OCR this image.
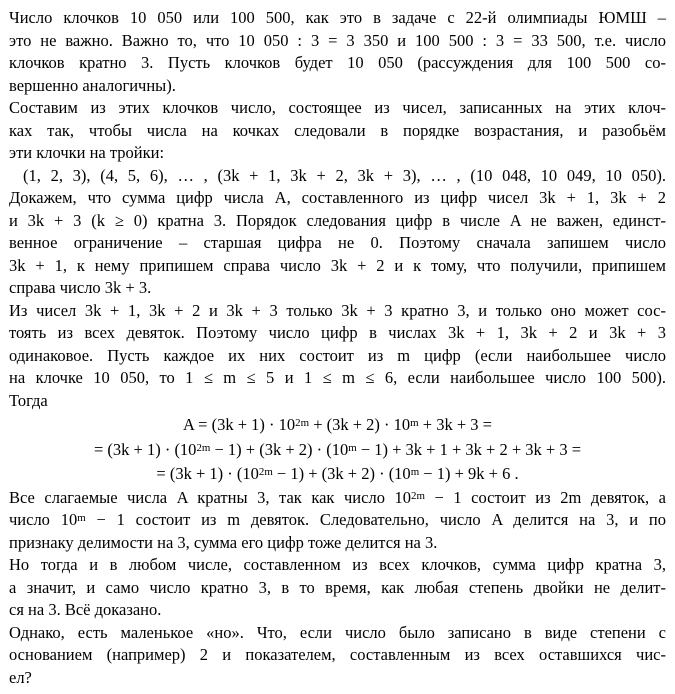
Число клочков 10 050 или 100 500, как это в задаче с 22-й олимпиады ЮМШ –
это не важно. Важно то, что 10 050 : 3 = 3 350 и 100 500 : 3 = 33 500, т.е. число
клочков кратно 3. Пусть клочков будет 10 050 (рассуждения для 100 500 со-
вершенно аналогичны).
Составим из этих клочков число, состоящее из чисел, записанных на этих клоч-
ках так, чтобы числа на кочках следовали в порядке возрастания, и разобьём
эти клочки на тройки:
(1, 2, 3), (4, 5, 6), … , (3k + 1, 3k + 2, 3k + 3), … , (10 048, 10 049, 10 050).
Докажем, что сумма цифр числа A, составленного из цифр чисел 3k + 1, 3k + 2
и 3k + 3 (k ≥ 0) кратна 3. Порядок следования цифр в числе A не важен, единст-
венное ограничение – старшая цифра не 0. Поэтому сначала запишем число
3k + 1, к нему припишем справа число 3k + 2 и к тому, что получили, припишем
справа число 3k + 3.
Из чисел 3k + 1, 3k + 2 и 3k + 3 только 3k + 3 кратно 3, и только оно может сос-
тоять из всех девяток. Поэтому число цифр в числах 3k + 1, 3k + 2 и 3k + 3
одинаковое. Пусть каждое их них состоит из m цифр (если наибольшее число
на клочке 10 050, то 1 ≤ m ≤ 5 и 1 ≤ m ≤ 6, если наибольшее число 100 500).
Тогда
$A = (3k + 1) \cdot 10^{2m} + (3k + 2) \cdot 10^m + 3k + 3$ =
= $(3k + 1) \cdot (10^{2m} - 1) + (3k + 2) \cdot (10^m - 1) + 3k + 1 + 3k + 2 + 3k + 3$ =
= $(3k + 1) \cdot (10^{2m} - 1) + (3k + 2) \cdot (10^m - 1) + 9k + 6$ .
Все слагаемые числа A кратны 3, так как число $10^{2m} - 1$ состоит из 2m девяток, а
число $10^m - 1$ состоит из m девяток. Следовательно, число A делится на 3, и по
признаку делимости на 3, сумма его цифр тоже делится на 3.
Но тогда и в любом числе, составленном из всех клочков, сумма цифр кратна 3,
а значит, и само число кратно 3, в то время, как любая степень двойки не делит-
ся на 3. Всё доказано.
Однако, есть маленькое «но». Что, если число было записано в виде степени с
основанием (например) 2 и показателем, составленным из всех оставшихся чис-
ел?
